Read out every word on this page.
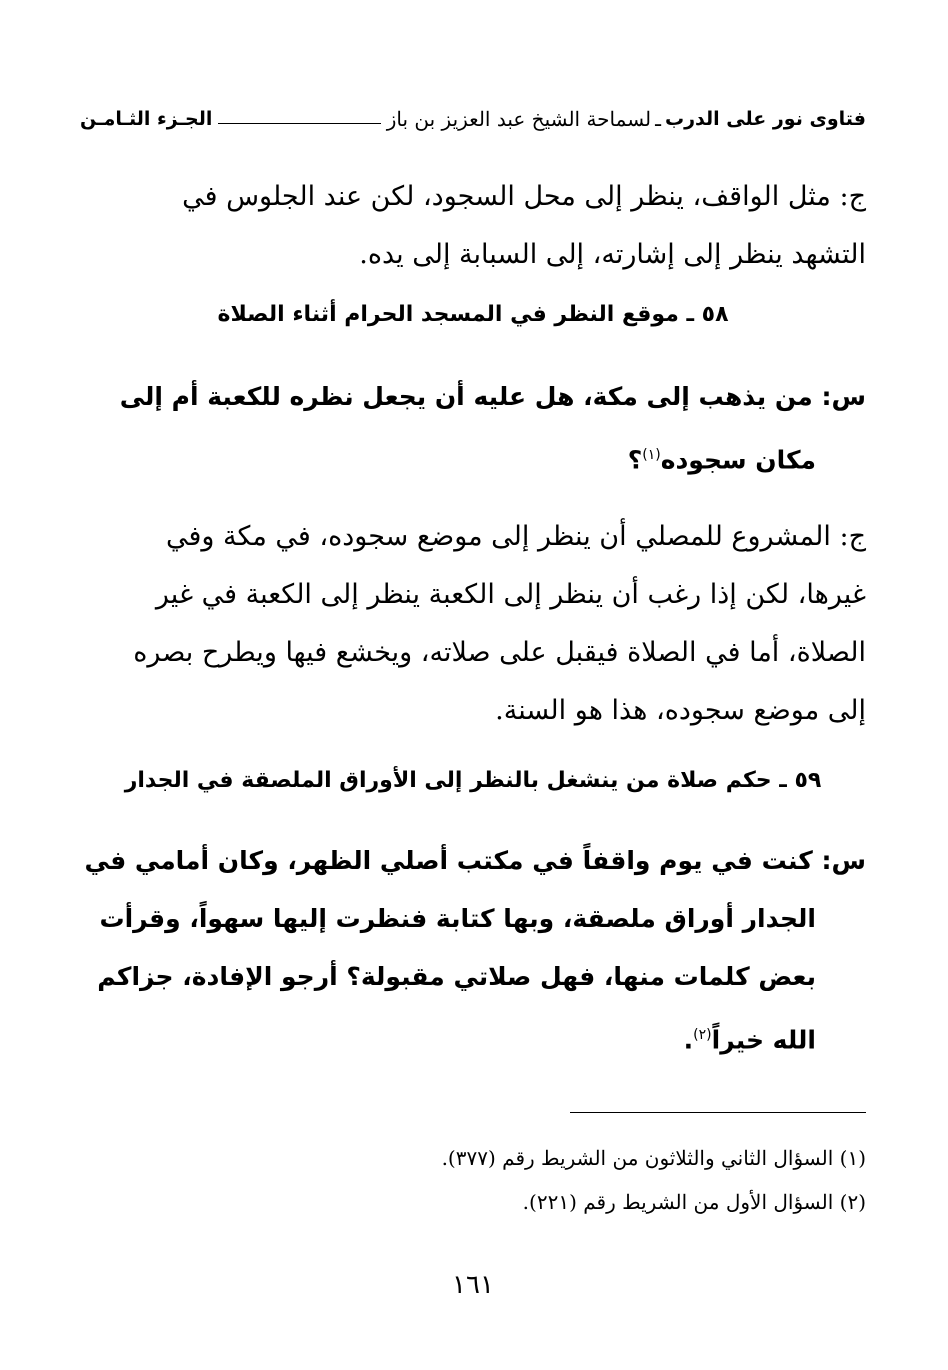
فتاوى نور على الدرب
ـ
لسماحة الشيخ عبد العزيز بن باز
الجـزء الثـامـن

ج: مثل الواقف، ينظر إلى محل السجود، لكن عند الجلوس في

التشهد ينظر إلى إشارته، إلى السبابة إلى يده.

٥٨ ـ موقع النظر في المسجد الحرام أثناء الصلاة

س: من يذهب إلى مكة، هل عليه أن يجعل نظره للكعبة أم إلى

مكان سجوده$^{(١)}$؟

ج: المشروع للمصلي أن ينظر إلى موضع سجوده، في مكة وفي

غيرها، لكن إذا رغب أن ينظر إلى الكعبة ينظر إلى الكعبة في غير

الصلاة، أما في الصلاة فيقبل على صلاته، ويخشع فيها ويطرح بصره

إلى موضع سجوده، هذا هو السنة.

٥٩ ـ حكم صلاة من ينشغل بالنظر إلى الأوراق الملصقة في الجدار

س: كنت في يوم واقفاً في مكتب أصلي الظهر، وكان أمامي في

الجدار أوراق ملصقة، وبها كتابة فنظرت إليها سهواً، وقرأت

بعض كلمات منها، فهل صلاتي مقبولة؟ أرجو الإفادة، جزاكم

الله خيراً$^{(٢)}$.

(١) السؤال الثاني والثلاثون من الشريط رقم (٣٧٧).
(٢) السؤال الأول من الشريط رقم (٢٢١).
١٦١
